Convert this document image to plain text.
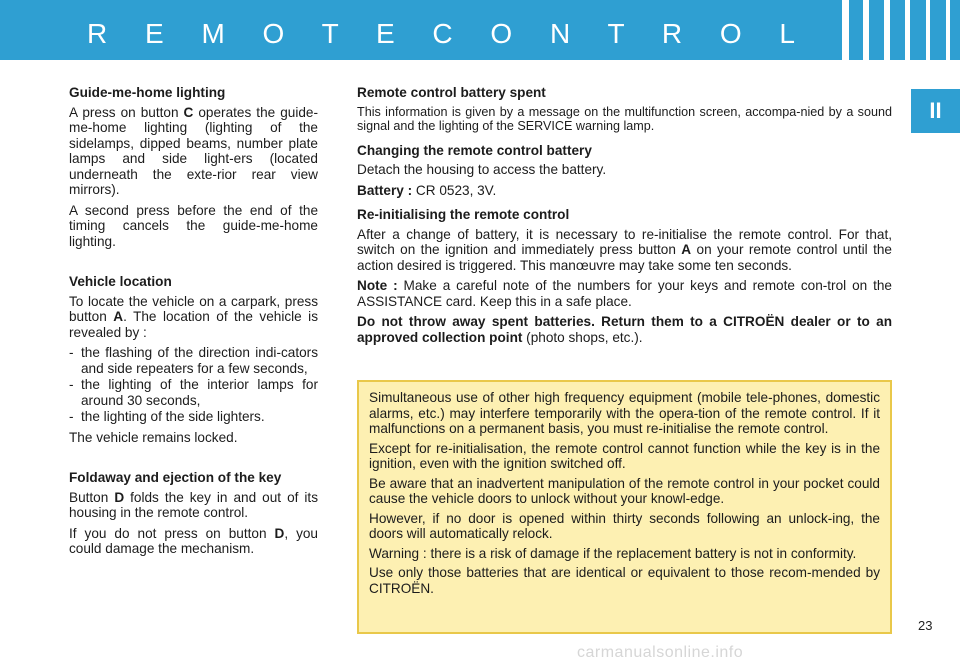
R E M O T E C O N T R O L
II
Guide-me-home lighting

A press on button C operates the guide-me-home lighting (lighting of the sidelamps, dipped beams, number plate lamps and side light-ers (located underneath the exte-rior rear view mirrors).

A second press before the end of the timing cancels the guide-me-home lighting.

Vehicle location

To locate the vehicle on a carpark, press button A. The location of the vehicle is revealed by :

- the flashing of the direction indi-cators and side repeaters for a few seconds,
- the lighting of the interior lamps for around 30 seconds,
- the lighting of the side lighters.

The vehicle remains locked.

Foldaway and ejection of the key

Button D folds the key in and out of its housing in the remote control.

If you do not press on button D, you could damage the mechanism.

Remote control battery spent

This information is given by a message on the multifunction screen, accompa-nied by a sound signal and the lighting of the SERVICE warning lamp.

Changing the remote control battery

Detach the housing to access the battery.

Battery : CR 0523, 3V.

Re-initialising the remote control

After a change of battery, it is necessary to re-initialise the remote control. For that, switch on the ignition and immediately press button A on your remote control until the action desired is triggered. This manœuvre may take some ten seconds.

Note : Make a careful note of the numbers for your keys and remote con-trol on the ASSISTANCE card. Keep this in a safe place.

Do not throw away spent batteries. Return them to a CITROËN dealer or to an approved collection point (photo shops, etc.).

Simultaneous use of other high frequency equipment (mobile tele-phones, domestic alarms, etc.) may interfere temporarily with the opera-tion of the remote control. If it malfunctions on a permanent basis, you must re-initialise the remote control.

Except for re-initialisation, the remote control cannot function while the key is in the ignition, even with the ignition switched off.

Be aware that an inadvertent manipulation of the remote control in your pocket could cause the vehicle doors to unlock without your knowl-edge.

However, if no door is opened within thirty seconds following an unlock-ing, the doors will automatically relock.

Warning : there is a risk of damage if the replacement battery is not in conformity.

Use only those batteries that are identical or equivalent to those recom-mended by CITROËN.

23
carmanualsonline.info
